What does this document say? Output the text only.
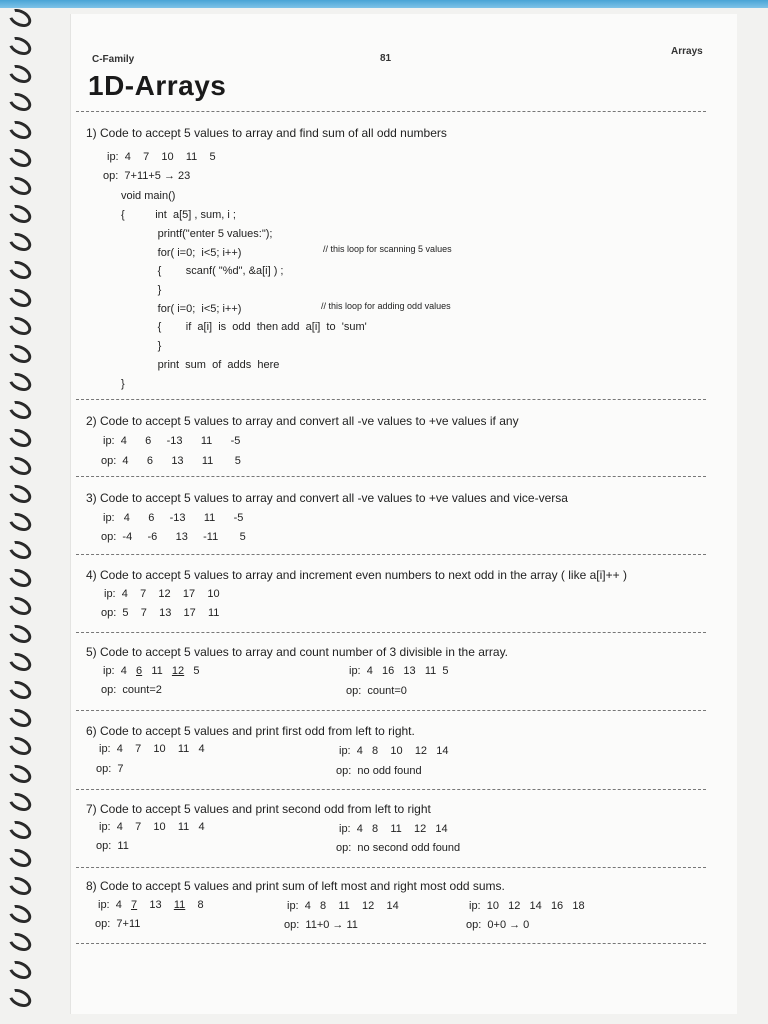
C-Family	81
Arrays
1D-Arrays
1) Code to accept 5 values to array and find sum of all odd numbers
ip:  4    7    10    11    5
op:  7+11+5 → 23
void main()
{          int  a[5] , sum, i ;
printf("enter 5 values:");
for( i=0;  i<5; i++)
{        scanf( "%d", &a[i] ) ;
}
for( i=0;  i<5; i++)
{        if  a[i]  is  odd  then add  a[i]  to  'sum'
}
print  sum  of  adds  here
}
// this loop for scanning 5 values
// this loop for adding odd values
2) Code to accept 5 values to array and convert all -ve values to +ve values if any
ip:  4      6     -13      11      -5
op:  4      6      13      11       5
3) Code to accept 5 values to array and convert all -ve values to +ve values and vice-versa
ip:   4      6     -13      11      -5
op:  -4     -6      13     -11       5
4) Code to accept 5 values to array and increment even numbers to next odd in the array ( like a[i]++ )
ip:  4    7    12    17    10
op:  5    7    13    17    11
5) Code to accept 5 values to array and count number of 3 divisible in the array.
ip:  4   6   11   12   5
op:  count=2
ip:  4   16   13   11  5
op:  count=0
6) Code to accept 5 values and print first odd from left to right.
ip:  4    7    10    11   4
op:  7
ip:  4   8    10    12   14
op:  no odd found
7) Code to accept 5 values and print second odd from left to right
ip:  4    7    10    11   4
op:  11
ip:  4   8    11    12   14
op:  no second odd found
8) Code to accept 5 values and print sum of left most and right most odd sums.
ip:  4   7    13    11    8
op:  7+11
ip:  4   8    11    12    14
op:  11+0 → 11
ip:  10   12   14   16   18
op:  0+0 → 0
